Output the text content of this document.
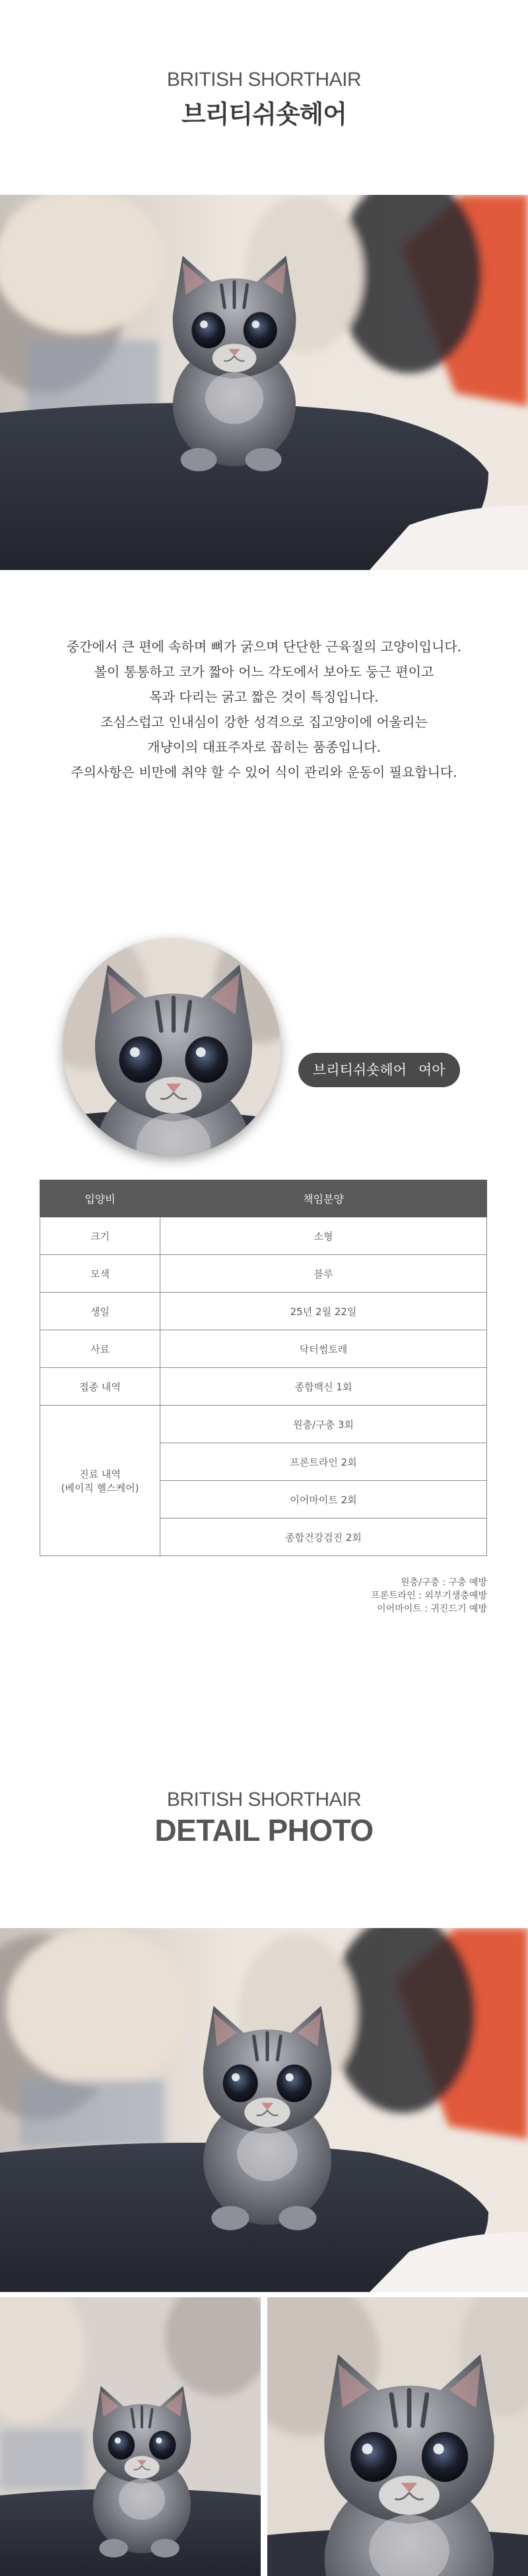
BRITISH SHORTHAIR
브리티쉬숏헤어

중간에서 큰 편에 속하며 뼈가 굵으며 단단한 근육질의 고양이입니다.

볼이 통통하고 코가 짧아 어느 각도에서 보아도 둥근 편이고

목과 다리는 굵고 짧은 것이 특징입니다.

조심스럽고 인내심이 강한 성격으로 집고양이에 어울리는

개냥이의 대표주자로 꼽히는 품종입니다.

주의사항은 비만에 취약 할 수 있어 식이 관리와 운동이 필요합니다.

브리티쉬숏헤어 여아
입양비	책임분양
크기	소형
모색	블루
생일	25년 2월 22일
사료	닥터썸토레
접종 내역	종합백신 1회

진료 내역
(베이직 헬스케어)	원충/구충 3회
	프론트라인 2회
	이어마이트 2회
	종합건강검진 2회
원충/구충 : 구충 예방
프론트라인 : 외부기생충예방
이어마이트 : 귀진드기 예방
BRITISH SHORTHAIR
DETAIL PHOTO
